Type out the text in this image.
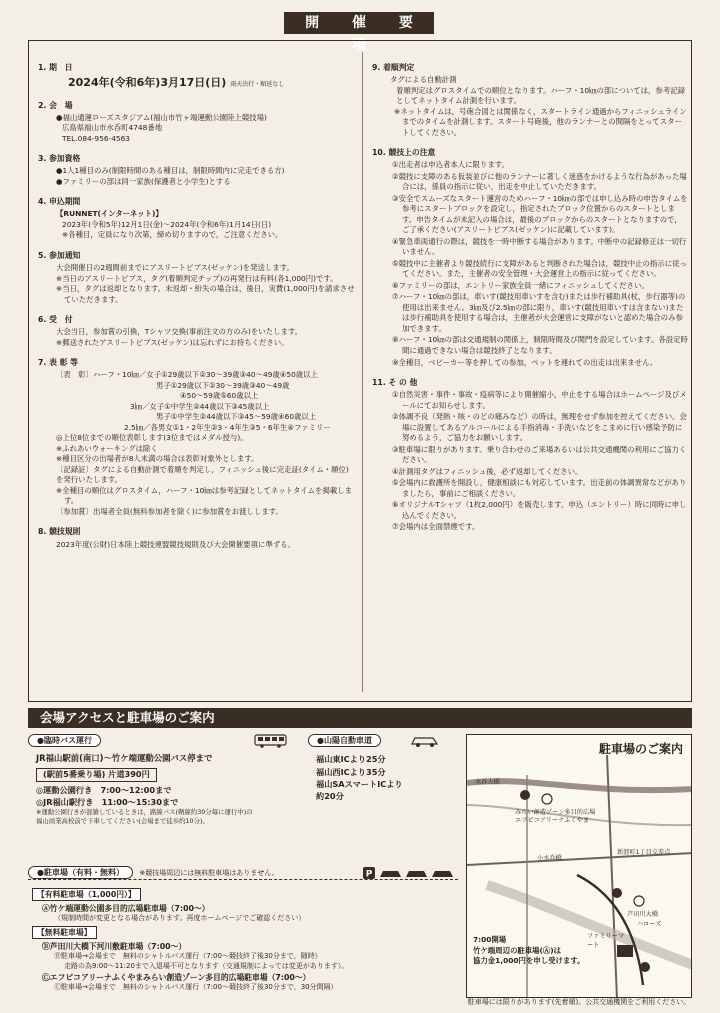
開 催 要 項
1. 期　日
2024年(令和6年)3月17日(日) 雨天決行・順延なし
2. 会　場
●福山通運ローズスタジアム(福山市竹ヶ端運動公園陸上競技場)
広島県福山市水呑町4748番地
TEL.084-956-4563
3. 参加資格
●1人1種目のみ(制限時間のある種目は，制限時間内に完走できる方)
●ファミリーの部は同一家族(保護者と小学生)とする
4. 申込期間
【RUNNET(インターネット)】
2023年(令和5年)12月1日(金)～2024年(令和6年)1月14日(日)
※各種目，定員になり次第，締め切りますので，ご注意ください。
5. 参加通知
大会開催日の2週間前までにアスリートビブス(ゼッケン)を発送します。
※当日のアスリートビブス，タグ(着順判定チップ)の再発行は有料(各1,000円)です。
※当日，タグは返却となります。未返却・紛失の場合は，後日，実費(1,000円)を請求させていただきます。
6. 受　付
大会当日，参加賞の引換，Tシャツ交換(事前注文の方のみ)をいたします。
※郵送されたアスリートビブス(ゼッケン)は忘れずにお持ちください。
7. 表 彰 等
〔表　彰〕ハーフ・10㎞／女子①29歳以下②30～39歳③40～49歳④50歳以上
男子①29歳以下②30～39歳③40～49歳
④50～59歳⑤60歳以上
3㎞／女子①中学生②44歳以下③45歳以上
男子①中学生②44歳以下③45～59歳④60歳以上
2.5㎞／各男女①1・2年生②3・4年生③5・6年生④ファミリー
◎上位8位までの順位表彰します(3位まではメダル授与)。
※ふれあいウォーキングは除く
※種目区分の出場者が8人未満の場合は表彰対象外とします。
〔記録証〕タグによる自動計測で着順を判定し，フィニッシュ後に完走証(タイム・順位)を発行いたします。
※全種目の順位はグロスタイム，ハーフ・10㎞は参考記録としてネットタイムを掲載します。
〔参加賞〕出場者全員(無料参加者を除く)に参加賞をお渡しします。
8. 競技規則
2023年度(公財)日本陸上競技連盟競技規則及び大会開催要項に準ずる。
9. 着順判定
タグによる自動計測
着順判定はグロスタイムでの順位となります。ハーフ・10㎞の部については，参考記録としてネットタイム計測を行います。
※ネットタイムは，号砲合図とは関係なく，スタートライン通過からフィニッシュラインまでのタイムを計測します。スタート号砲後，他のランナーとの間隔をとってスタートしてください。
10. 競技上の注意
①出走者は申込者本人に限ります。
②競技に支障のある仮装並びに他のランナーに著しく迷惑をかけるような行為があった場合には，係員の指示に従い，出走を中止していただきます。
③安全でスムーズなスタート運営のためハーフ・10㎞の部では申し込み時の申告タイムを参考にスタートブロックを設定し，指定されたブロック位置からのスタートとします。申告タイムが未記入の場合は，最後のブロックからのスタートとなりますので，ご了承ください(アスリートビブス(ゼッケン)に記載しています)。
④緊急車両通行の際は，競技を一時中断する場合があります。中断中の記録修正は一切行いません。
⑤競技中に主催者より競技続行に支障があると判断された場合は，競技中止の指示に従ってください。また，主催者の安全管理・大会運営上の指示に従ってください。
⑥ファミリーの部は，エントリー家族全員一緒にフィニッシュしてください。
⑦ハーフ・10㎞の部は，車いす(競技用車いすを含む)または歩行補助具(杖，歩行器等)の使用は出来ません。3㎞及び2.5㎞の部に限り，車いす(競技用車いすは含まない)または歩行補助具を使用する場合は，主催者が大会運営に支障がないと認めた場合のみ参加できます。
⑧ハーフ・10㎞の部は交通規制の関係上，制限時間及び関門を設定しています。各設定時間に通過できない場合は競技終了となります。
⑨全種目，ベビーカー等を押しての参加，ペットを連れての出走は出来ません。
11. そ の 他
①自然災害・事件・事故・疫病等により開催縮小，中止をする場合はホームページ及びメールにてお知らせします。
②体調不良（発熱・咳・のどの痛みなど）の時は，無理をせず参加を控えてください。会場に設置してあるアルコールによる手指消毒・手洗いなどをこまめに行い感染予防に努めるよう，ご協力をお願いします。
③駐車場に限りがあります。乗り合わせのご来場あるいは公共交通機関の利用にご協力ください。
④計測用タグはフィニッシュ後，必ず返却してください。
⑤会場内に救護所を開設し，健康相談にも対応しています。出走前の体調異常などがありましたら，事前にご相談ください。
⑥オリジナルTシャツ（1枚2,000円）を販売します。申込（エントリー）時に同時に申し込んでください。
⑦会場内は全面禁煙です。
会場アクセスと駐車場のご案内
●臨時バス運行
JR福山駅前(南口)～竹ケ端運動公園バス停まで
(駅前5番乗り場) 片道390円
◎運動公園行き　7:00～12:00まで
◎JR福山駅行き　11:00～15:30まで
※運動公園行きが混雑しているときは，路線バス(鞆線約30分毎に運行中)の
福山商業高校前で下車してください(会場まで徒歩約10分)。
●山陽自動車道
福山東ICより25分
福山西ICより35分
福山SAスマートICより
約20分
●駐車場（有料・無料） ※競技場周辺には無料駐車場はありません。	P
【有料駐車場（1,000円）】
Ⓐ竹ケ端運動公園多目的広場駐車場（7:00～）
（規制時間が変更となる場合があります。再度ホームページでご確認ください）
【無料駐車場】
Ⓑ芦田川大橋下河川敷駐車場（7:00～）
Ⓑ駐車場→会場まで　無料のシャトルバス運行（7:00～競技終了後30分まで，随時）
走路の為9:00～11:20まで入退場不可となります（交通規制によっては変更があります）。
Ⓒエフピコアリーナふくやまみらい創造ゾーン多目的広場駐車場（7:00～）
Ⓒ駐車場→会場まで　無料のシャトルバス運行（7:00～競技終了後30分まで，30分間隔）
駐車場のご案内
水呑大橋
みらい創造ゾーン多目的広場
エフピコアリーナふくやま
新涯町1丁目交差点
小水呑橋
芦田川大橋
ハローズ
ファミリーマート
7:00開場
竹ケ端周辺の駐車場(Ⓐ)は
協力金1,000円を申し受けます。
駐車場には限りがあります(先着順)。公共交通機関をご利用ください。
